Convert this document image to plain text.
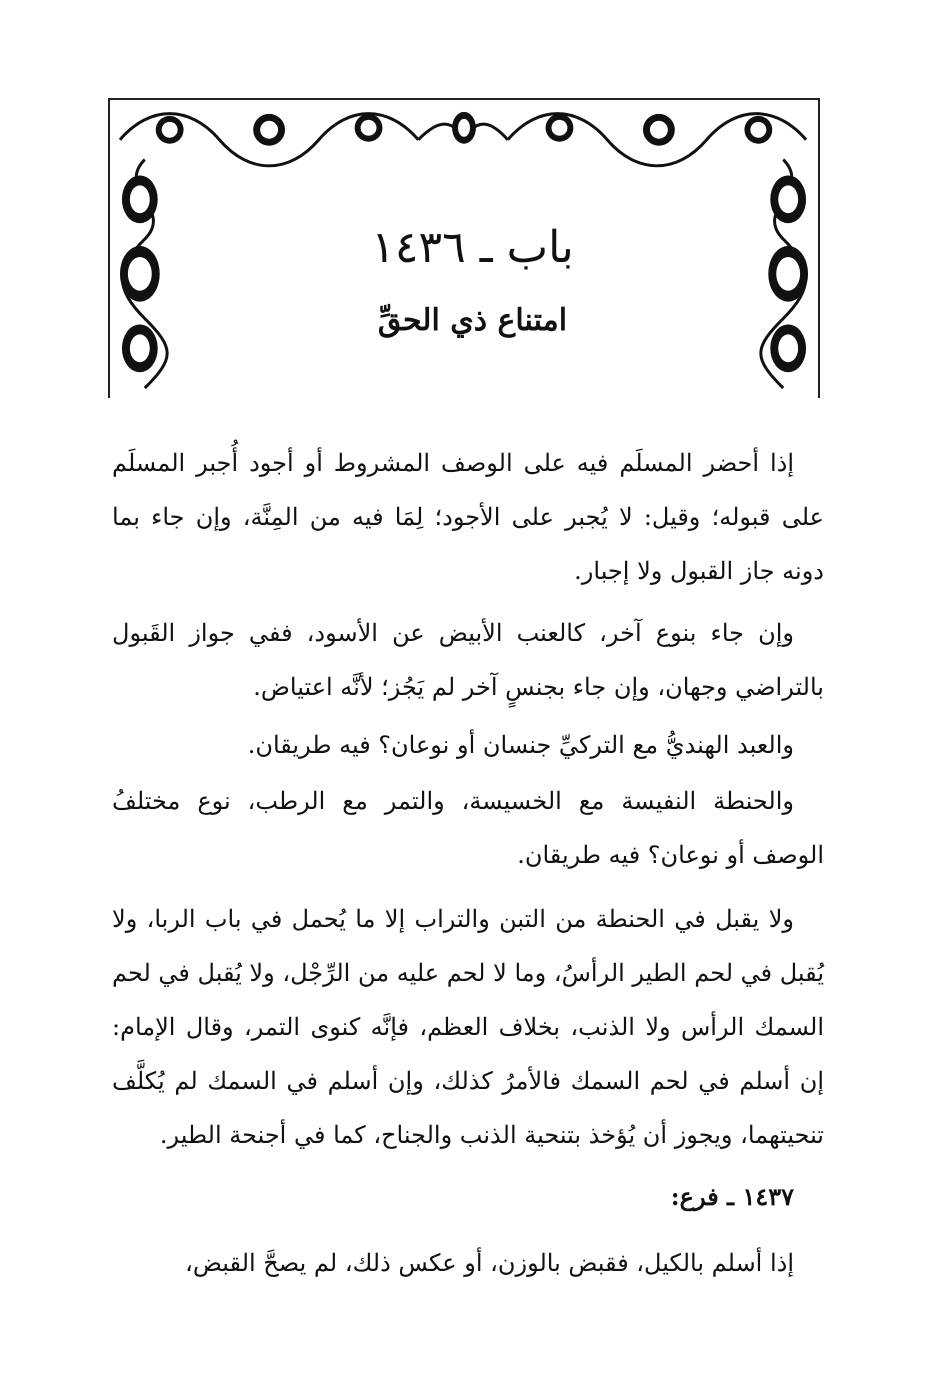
باب ـ ١٤٣٦
امتناع ذي الحقِّ

إذا أحضر المسلَم فيه على الوصف المشروط أو أجود أُجبر المسلَم على قبوله؛ وقيل: لا يُجبر على الأجود؛ لِمَا فيه من المِنَّة، وإن جاء بما دونه جاز القبول ولا إجبار.

وإن جاء بنوع آخر، كالعنب الأبيض عن الأسود، ففي جواز القَبول بالتراضي وجهان، وإن جاء بجنسٍ آخر لم يَجُز؛ لأنَّه اعتياض.

والعبد الهنديُّ مع التركيِّ جنسان أو نوعان؟ فيه طريقان.

والحنطة النفيسة مع الخسيسة، والتمر مع الرطب، نوع مختلفُ الوصف أو نوعان؟ فيه طريقان.

ولا يقبل في الحنطة من التبن والتراب إلا ما يُحمل في باب الربا، ولا يُقبل في لحم الطير الرأسُ، وما لا لحم عليه من الرِّجْل، ولا يُقبل في لحم السمك الرأس ولا الذنب، بخلاف العظم، فإنَّه كنوى التمر، وقال الإمام: إن أسلم في لحم السمك فالأمرُ كذلك، وإن أسلم في السمك لم يُكلَّف تنحيتهما، ويجوز أن يُؤخذ بتنحية الذنب والجناح، كما في أجنحة الطير.

١٤٣٧ ـ فرع:

إذا أسلم بالكيل، فقبض بالوزن، أو عكس ذلك، لم يصحَّ القبض،
